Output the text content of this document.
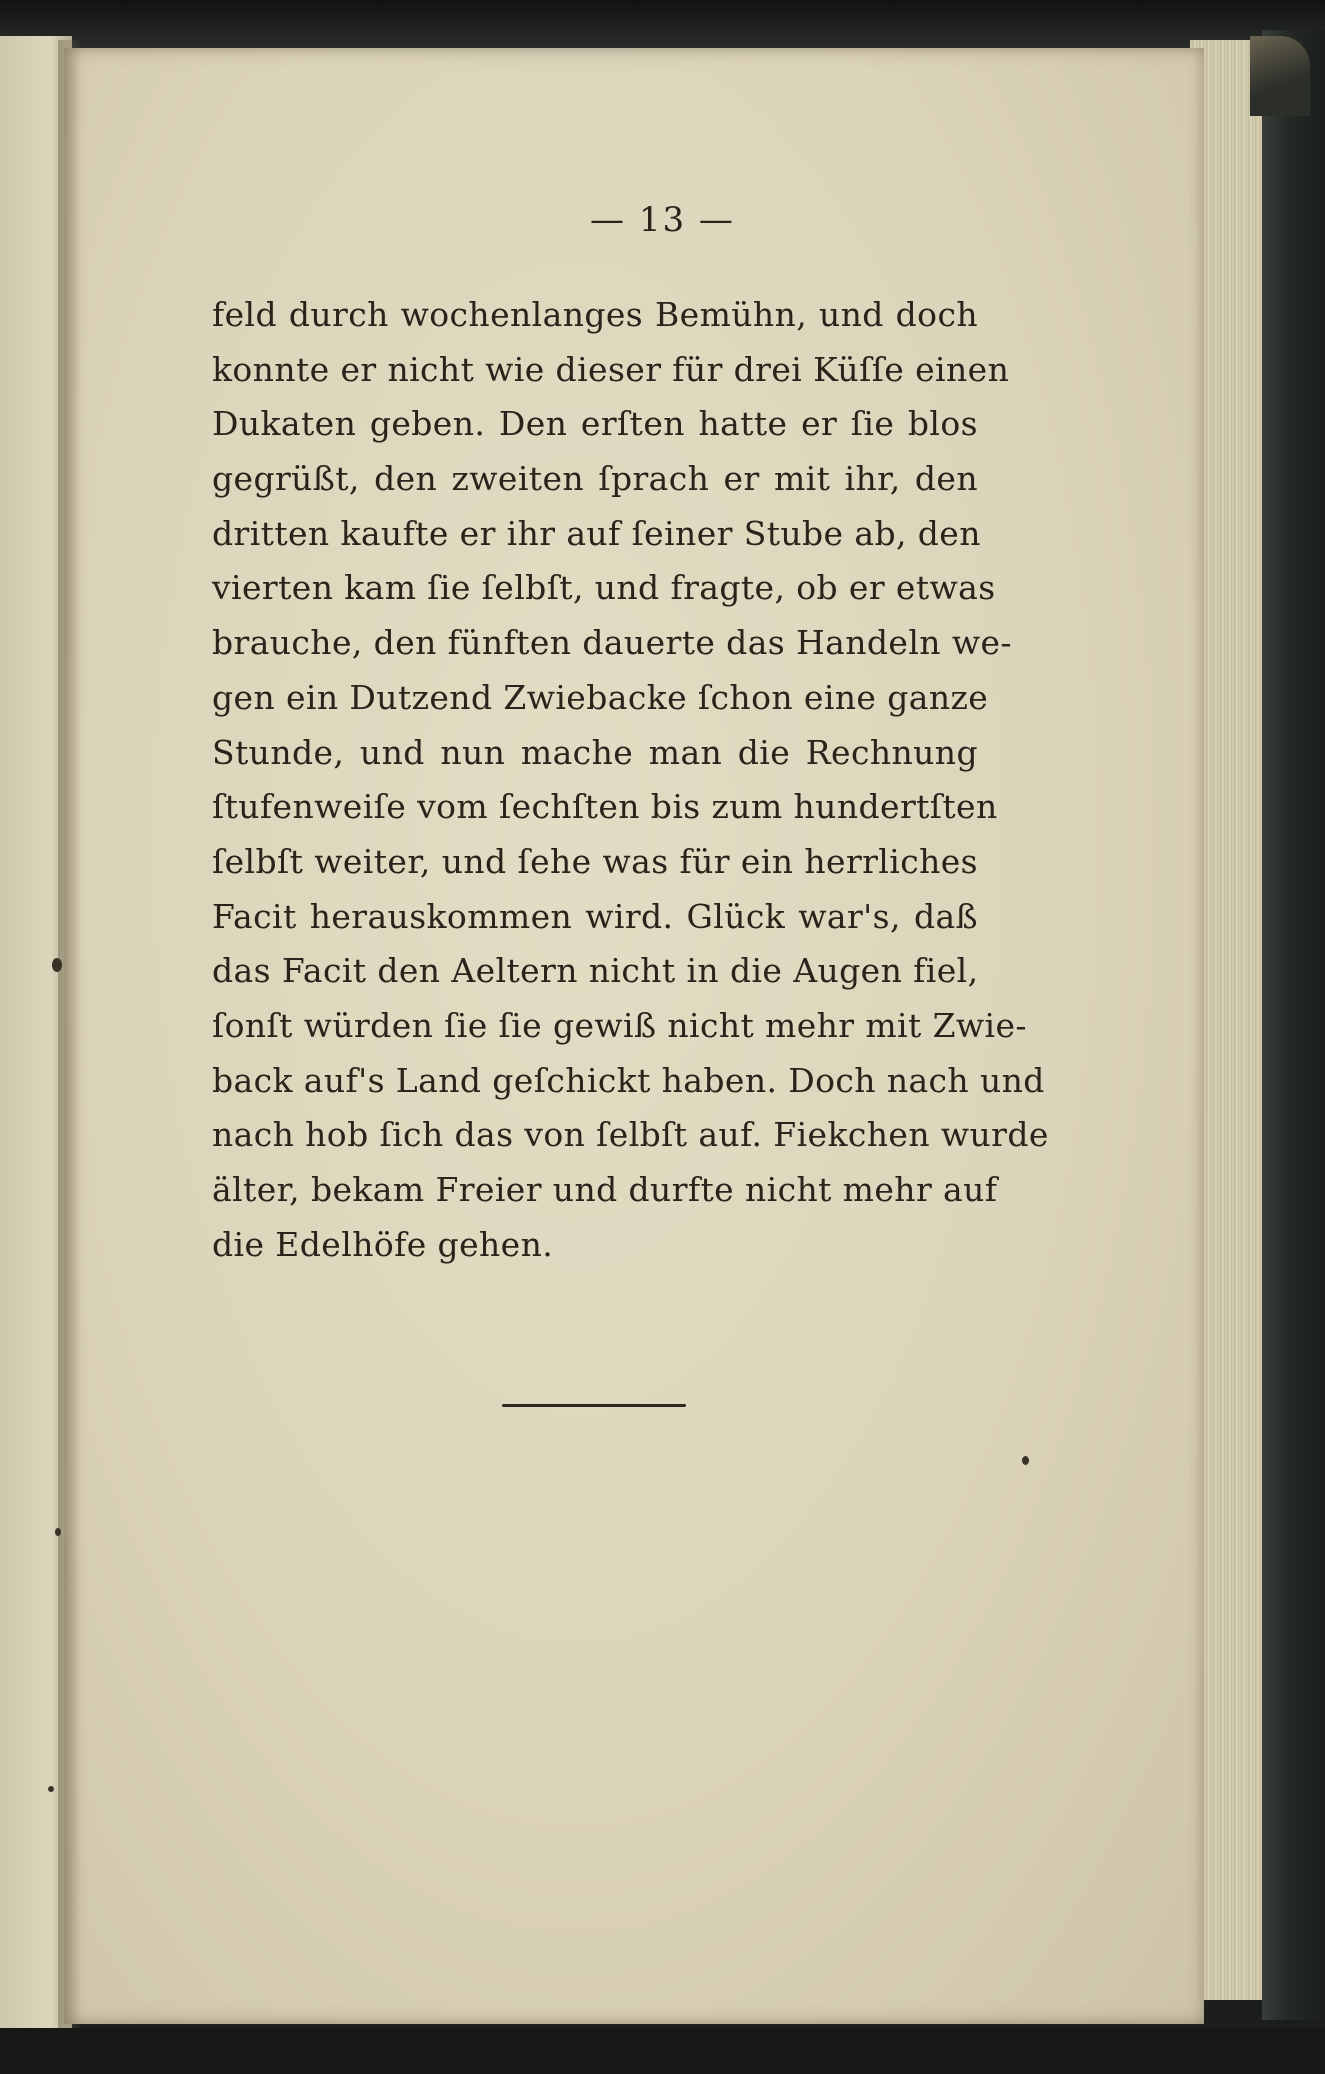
— 13 —
feld durch wochenlanges Bemühn, und doch
konnte er nicht wie dieser für drei Küſſe einen
Dukaten geben. Den erſten hatte er ſie blos
gegrüßt, den zweiten ſprach er mit ihr, den
dritten kaufte er ihr auf ſeiner Stube ab, den
vierten kam ſie ſelbſt, und fragte, ob er etwas
brauche, den fünften dauerte das Handeln we-
gen ein Dutzend Zwiebacke ſchon eine ganze
Stunde, und nun mache man die Rechnung
ſtufenweiſe vom ſechſten bis zum hundertſten
ſelbſt weiter, und ſehe was für ein herrliches
Facit herauskommen wird. Glück war's, daß
das Facit den Aeltern nicht in die Augen fiel,
ſonſt würden ſie ſie gewiß nicht mehr mit Zwie-
back auf's Land geſchickt haben. Doch nach und
nach hob ſich das von ſelbſt auf. Fiekchen wurde
älter, bekam Freier und durfte nicht mehr auf
die Edelhöfe gehen.
